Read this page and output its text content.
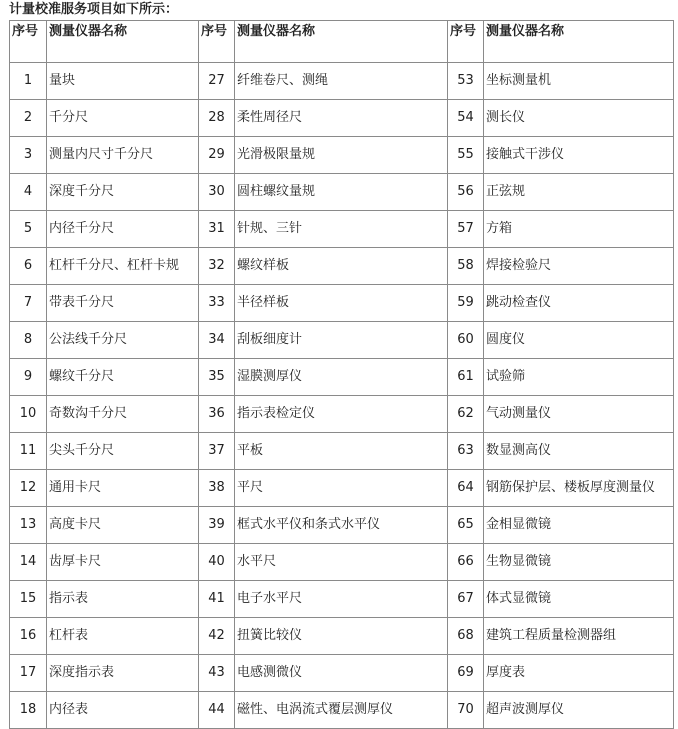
计量校准服务项目如下所示：
序号	测量仪器名称	序号	测量仪器名称	序号	测量仪器名称
1	量块	27	纤维卷尺、测绳	53	坐标测量机
2	千分尺	28	柔性周径尺	54	测长仪
3	测量内尺寸千分尺	29	光滑极限量规	55	接触式干涉仪
4	深度千分尺	30	圆柱螺纹量规	56	正弦规
5	内径千分尺	31	针规、三针	57	方箱
6	杠杆千分尺、杠杆卡规	32	螺纹样板	58	焊接检验尺
7	带表千分尺	33	半径样板	59	跳动检查仪
8	公法线千分尺	34	刮板细度计	60	圆度仪
9	螺纹千分尺	35	湿膜测厚仪	61	试验筛
10	奇数沟千分尺	36	指示表检定仪	62	气动测量仪
11	尖头千分尺	37	平板	63	数显测高仪
12	通用卡尺	38	平尺	64	钢筋保护层、楼板厚度测量仪
13	高度卡尺	39	框式水平仪和条式水平仪	65	金相显微镜
14	齿厚卡尺	40	水平尺	66	生物显微镜
15	指示表	41	电子水平尺	67	体式显微镜
16	杠杆表	42	扭簧比较仪	68	建筑工程质量检测器组
17	深度指示表	43	电感测微仪	69	厚度表
18	内径表	44	磁性、电涡流式覆层测厚仪	70	超声波测厚仪
